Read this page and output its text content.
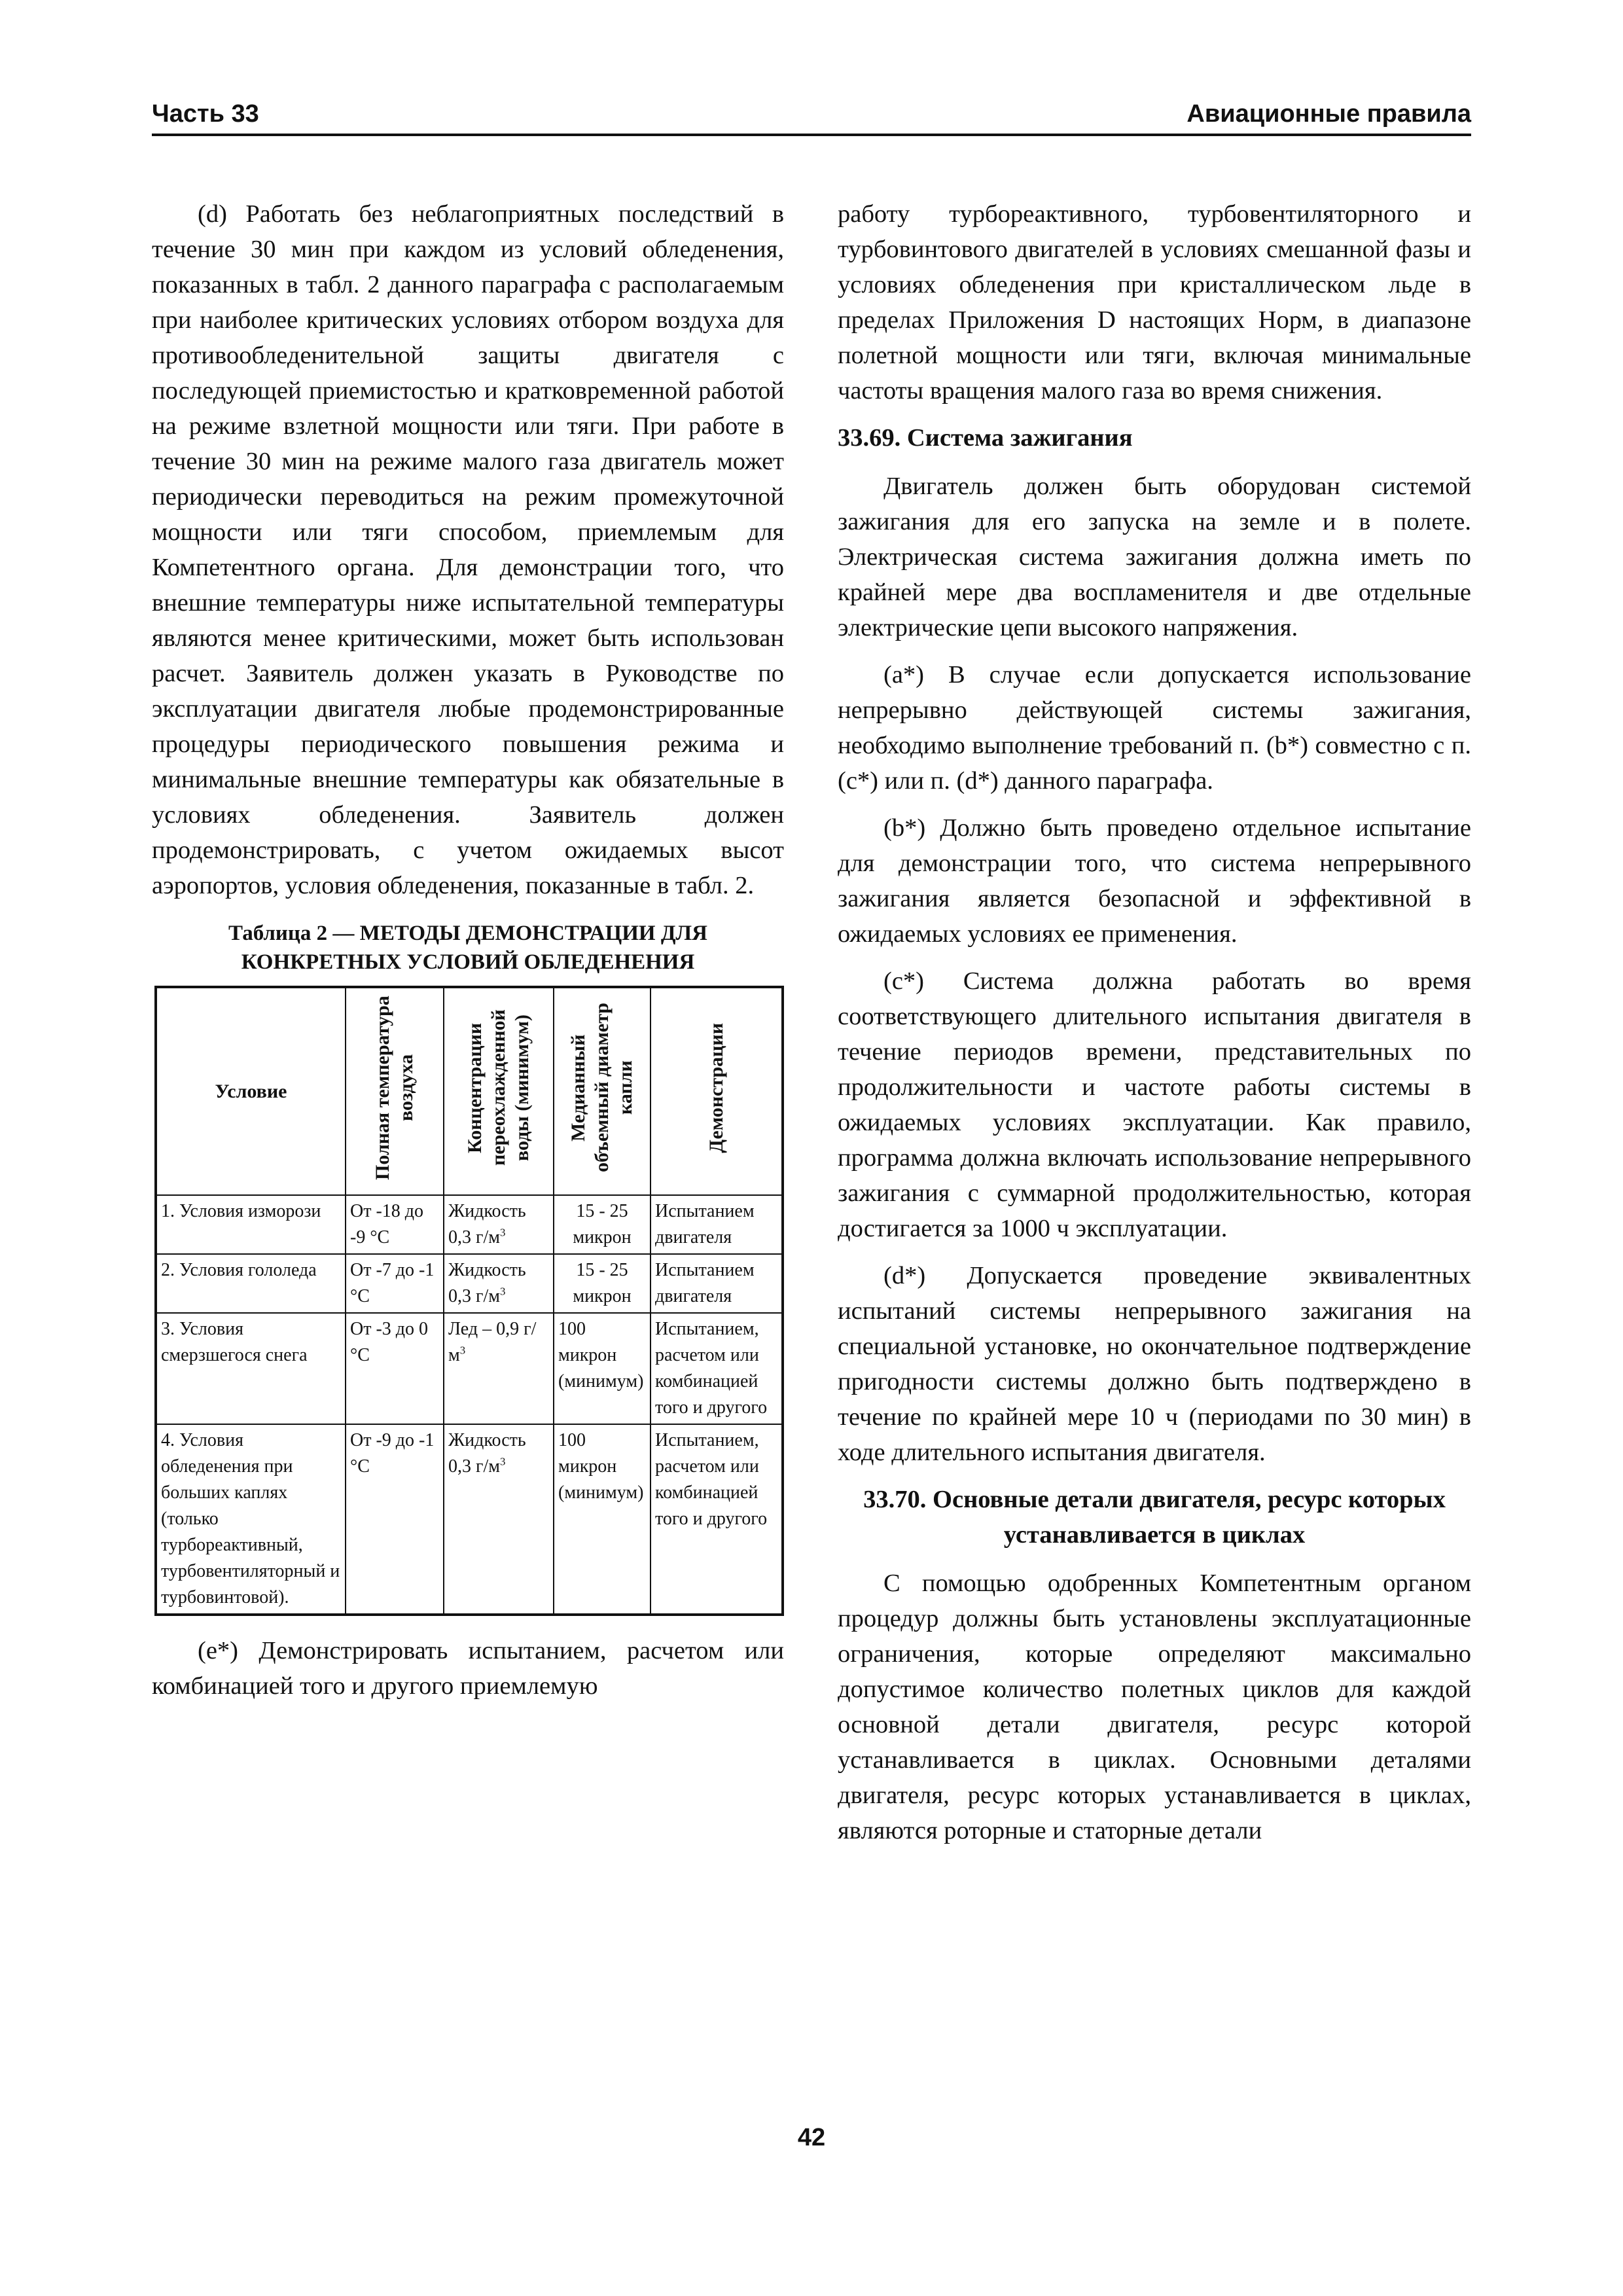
Часть 33	Авиационные правила

(d) Работать без неблагоприятных последствий в течение 30 мин при каждом из условий обледенения, показанных в табл. 2 данного параграфа с располагаемым при наиболее критических условиях отбором воздуха для противообледенительной защиты двигателя с последующей приемистостью и кратковременной работой на режиме взлетной мощности или тяги. При работе в течение 30 мин на режиме малого газа двигатель может периодически переводиться на режим промежуточной мощности или тяги способом, приемлемым для Компетентного органа. Для демонстрации того, что внешние температуры ниже испытательной температуры являются менее критическими, может быть использован расчет. Заявитель должен указать в Руководстве по эксплуатации двигателя любые продемонстрированные процедуры периодического повышения режима и минимальные внешние температуры как обязательные в условиях обледенения. Заявитель должен продемонстрировать, с учетом ожидаемых высот аэропортов, условия обледенения, показанные в табл. 2.

Таблица 2 — МЕТОДЫ ДЕМОНСТРАЦИИ ДЛЯ КОНКРЕТНЫХ УСЛОВИЙ ОБЛЕДЕНЕНИЯ
Условие	Полная температура воздуха	Концентрации переохлажденной воды (минимум)	Медианный объемный диаметр капли	Демонстрации
1. Условия изморози	От -18 до -9 °С	Жидкость 0,3 $г/м^3$	15 - 25 микрон	Испытанием двигателя
2. Условия гололеда	От -7 до -1 °С	Жидкость 0,3 $г/м^3$	15 - 25 микрон	Испытанием двигателя
3. Условия смерзшегося снега	От -3 до 0 °С	Лед – 0,9 $г/м^3$	100 микрон (минимум)	Испытанием, расчетом или комбинацией того и другого
4. Условия обледенения при больших каплях (только турбореактивный, турбовентиляторный и турбовинтовой).	От -9 до -1 °С	Жидкость 0,3 $г/м^3$	100 микрон (минимум)	Испытанием, расчетом или комбинацией того и другого

(e*) Демонстрировать испытанием, расчетом или комбинацией того и другого приемлемую

работу турбореактивного, турбовентиляторного и турбовинтового двигателей в условиях смешанной фазы и условиях обледенения при кристаллическом льде в пределах Приложения D настоящих Норм, в диапазоне полетной мощности или тяги, включая минимальные частоты вращения малого газа во время снижения.

33.69. Система зажигания

Двигатель должен быть оборудован системой зажигания для его запуска на земле и в полете. Электрическая система зажигания должна иметь по крайней мере два воспламенителя и две отдельные электрические цепи высокого напряжения.

(a*) В случае если допускается использование непрерывно действующей системы зажигания, необходимо выполнение требований п. (b*) совместно с п. (c*) или п. (d*) данного параграфа.

(b*) Должно быть проведено отдельное испытание для демонстрации того, что система непрерывного зажигания является безопасной и эффективной в ожидаемых условиях ее применения.

(c*) Система должна работать во время соответствующего длительного испытания двигателя в течение периодов времени, представительных по продолжительности и частоте работы системы в ожидаемых условиях эксплуатации. Как правило, программа должна включать использование непрерывного зажигания с суммарной продолжительностью, которая достигается за 1000 ч эксплуатации.

(d*) Допускается проведение эквивалентных испытаний системы непрерывного зажигания на специальной установке, но окончательное подтверждение пригодности системы должно быть подтверждено в течение по крайней мере 10 ч (периодами по 30 мин) в ходе длительного испытания двигателя.

33.70. Основные детали двигателя, ресурс которых устанавливается в циклах

С помощью одобренных Компетентным органом процедур должны быть установлены эксплуатационные ограничения, которые определяют максимально допустимое количество полетных циклов для каждой основной детали двигателя, ресурс которой устанавливается в циклах. Основными деталями двигателя, ресурс которых устанавливается в циклах, являются роторные и статорные детали

42
